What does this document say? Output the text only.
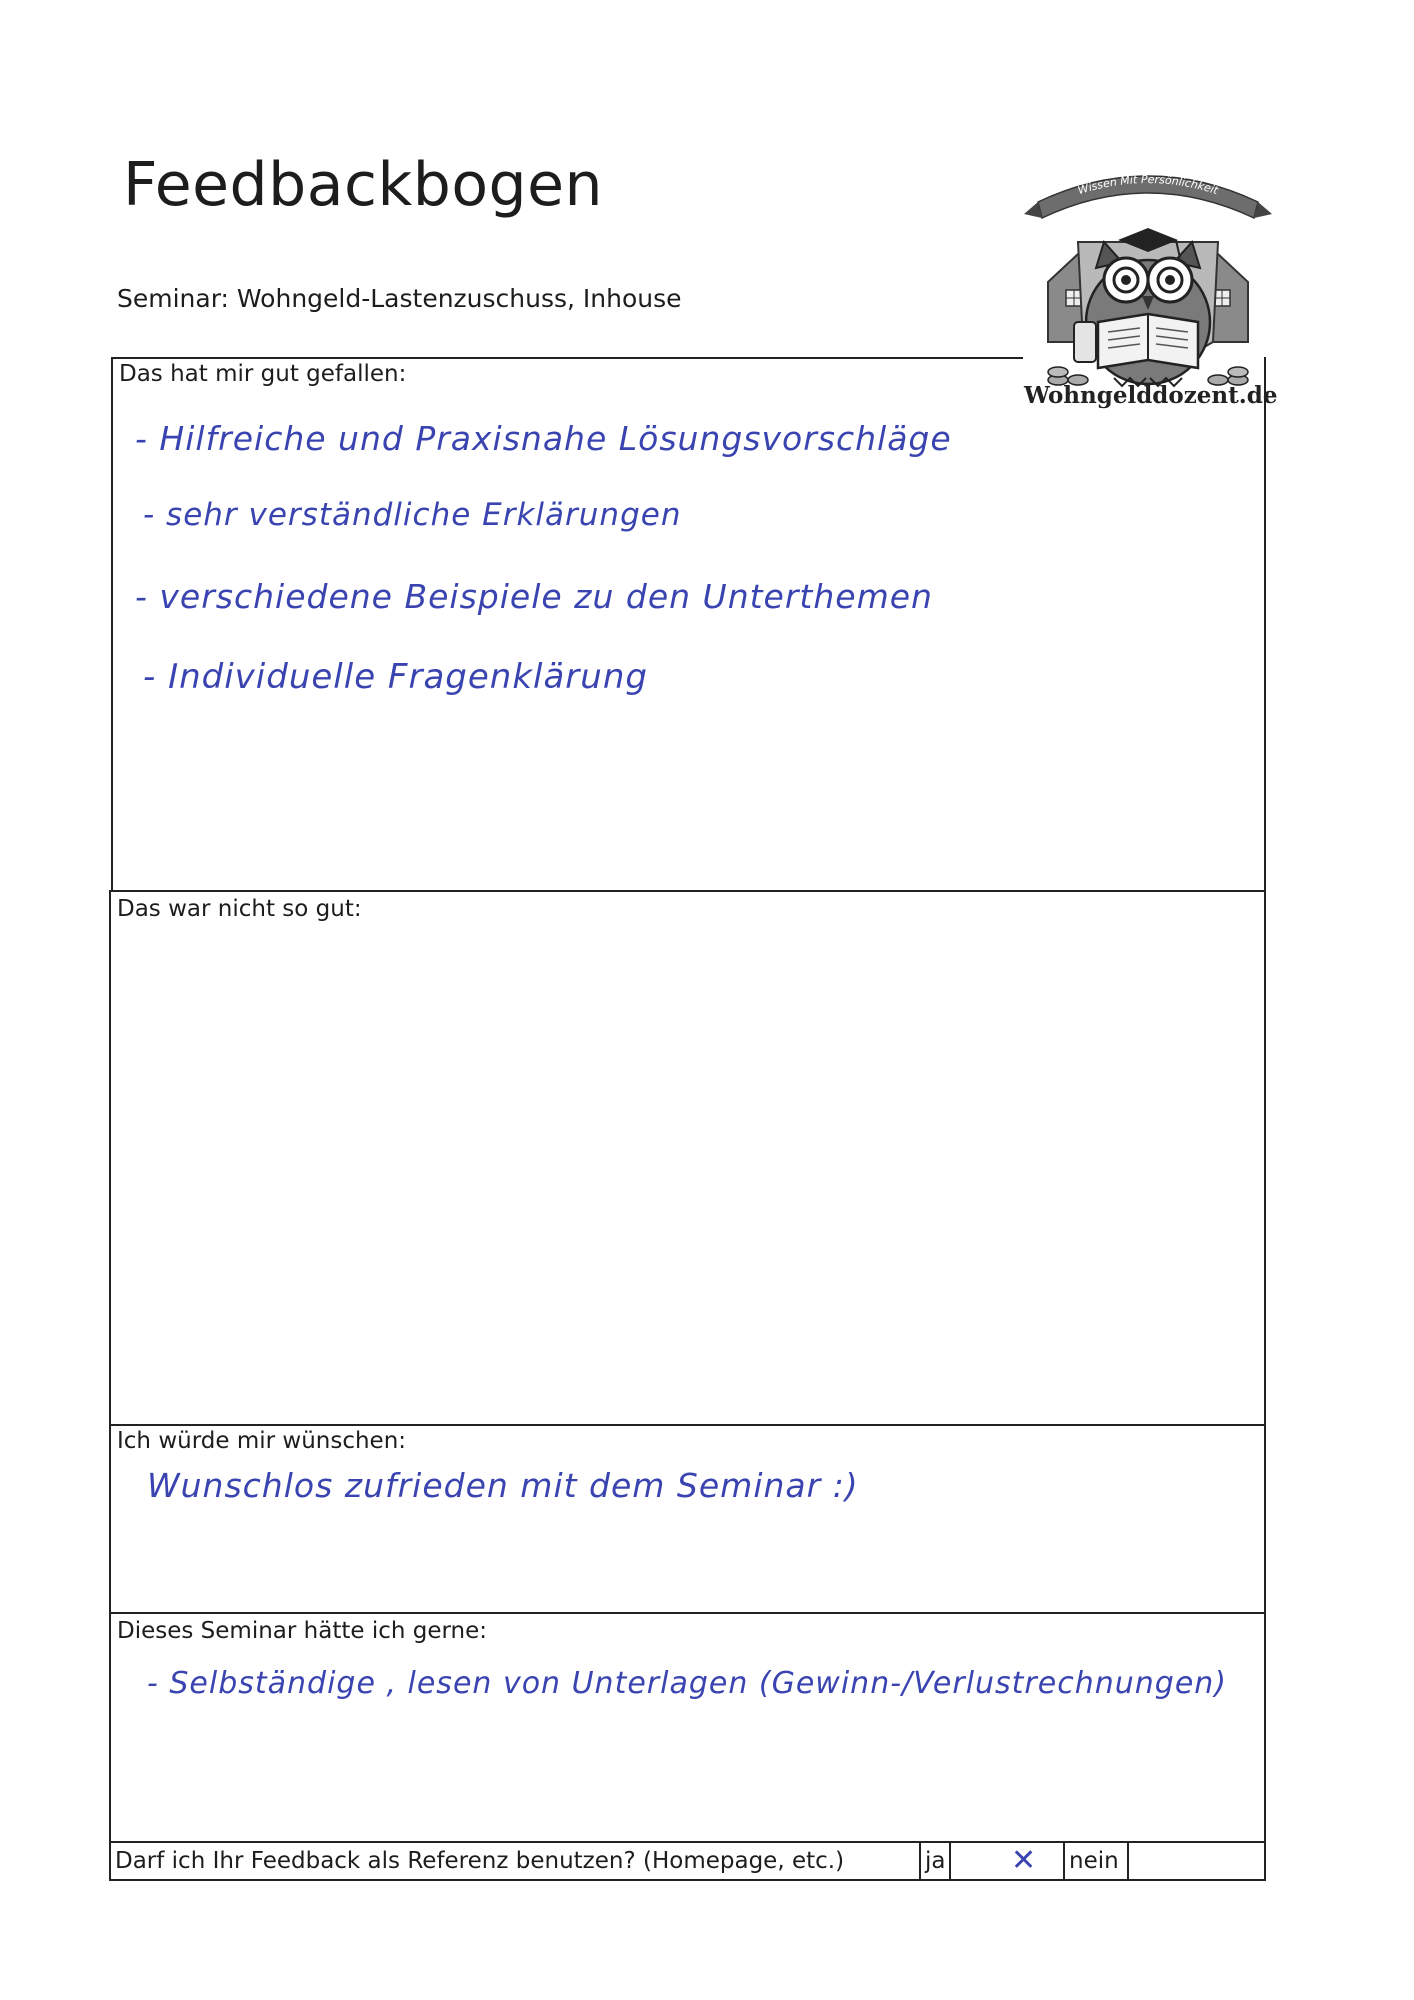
Feedbackbogen
Seminar: Wohngeld-Lastenzuschuss, Inhouse
Wissen Mit Persönlichkeit
Wohngelddozent.de
Das hat mir gut gefallen:
- Hilfreiche und Praxisnahe Lösungsvorschläge
- sehr verständliche Erklärungen
- verschiedene Beispiele zu den Unterthemen
- Individuelle Fragenklärung
Das war nicht so gut:
Ich würde mir wünschen:
Wunschlos zufrieden mit dem Seminar :)
Dieses Seminar hätte ich gerne:
- Selbständige , lesen von Unterlagen (Gewinn-/Verlustrechnungen)
Darf ich Ihr Feedback als Referenz benutzen? (Homepage, etc.)	ja ✕ nein
